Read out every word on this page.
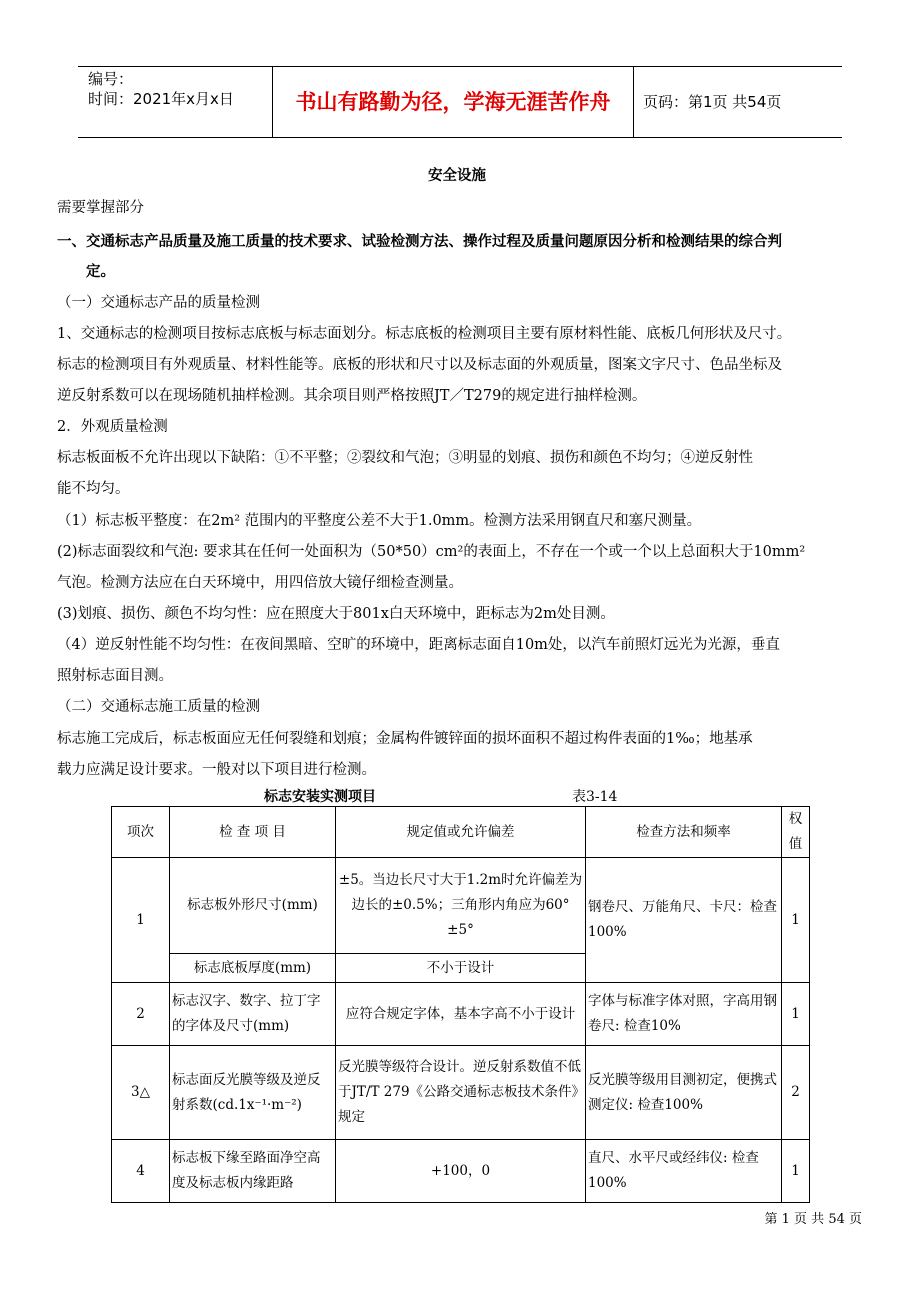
编号：
时间：2021年x月x日	书山有路勤为径，学海无涯苦作舟	页码：第1页 共54页
安全设施
需要掌握部分
一、交通标志产品质量及施工质量的技术要求、试验检测方法、操作过程及质量问题原因分析和检测结果的综合判
定。
（一）交通标志产品的质量检测
1、交通标志的检测项目按标志底板与标志面划分。标志底板的检测项目主要有原材料性能、底板几何形状及尺寸。
标志的检测项目有外观质量、材料性能等。底板的形状和尺寸以及标志面的外观质量，图案文字尺寸、色品坐标及
逆反射系数可以在现场随机抽样检测。其余项目则严格按照JT／T279的规定进行抽样检测。
2．外观质量检测
标志板面板不允许出现以下缺陷：①不平整；②裂纹和气泡；③明显的划痕、损伤和颜色不均匀；④逆反射性
能不均匀。
（1）标志板平整度：在2m² 范围内的平整度公差不大于1.0mm。检测方法采用钢直尺和塞尺测量。
(2)标志面裂纹和气泡: 要求其在任何一处面积为（50*50）cm²的表面上，不存在一个或一个以上总面积大于10mm²
气泡。检测方法应在白天环境中，用四倍放大镜仔细检查测量。
(3)划痕、损伤、颜色不均匀性：应在照度大于801x白天环境中，距标志为2m处目测。
（4）逆反射性能不均匀性：在夜间黑暗、空旷的环境中，距离标志面自10m处，以汽车前照灯远光为光源，垂直
照射标志面目测。
（二）交通标志施工质量的检测
标志施工完成后，标志板面应无任何裂缝和划痕；金属构件镀锌面的损坏面积不超过构件表面的1‰；地基承
载力应满足设计要求。一般对以下项目进行检测。
标志安装实测项目	表3-14
项次	检 查 项 目	规定值或允许偏差	检查方法和频率	权值
1	标志板外形尺寸(mm)	±5。当边长尺寸大于1.2m时允许偏差为边长的±0.5%；三角形内角应为60° ±5°	钢卷尺、万能角尺、卡尺：检查100%	1
	标志底板厚度(mm)	不小于设计		
2	标志汉字、数字、拉丁字的字体及尺寸(mm)	应符合规定字体，基本字高不小于设计	字体与标准字体对照，字高用钢卷尺: 检查10%	1
3△	标志面反光膜等级及逆反射系数(cd.1x⁻¹·m⁻²)	反光膜等级符合设计。逆反射系数值不低于JT/T 279《公路交通标志板技术条件》规定	反光膜等级用目测初定，便携式测定仪: 检查100%	2
4	标志板下缘至路面净空高度及标志板内缘距路	+100，0	直尺、水平尺或经纬仪: 检查100%	1
第 1 页 共 54 页
